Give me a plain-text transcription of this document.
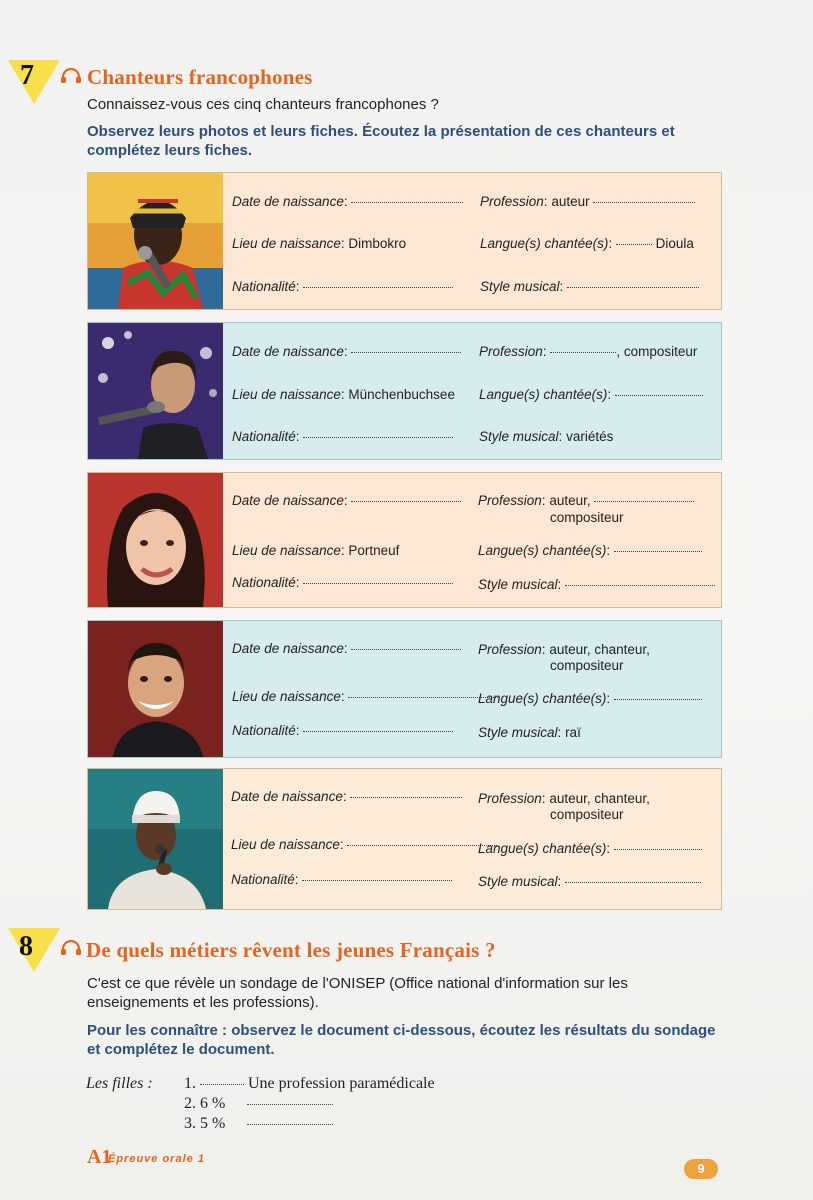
7	Chanteurs francophones
Connaissez-vous ces cinq chanteurs francophones ?
Observez leurs photos et leurs fiches. Écoutez la présentation de ces chanteurs et complétez leurs fiches.
Date de naissance:	Profession: auteur
Lieu de naissance: Dimbokro	Langue(s) chantée(s):	Dioula
Nationalité:	Style musical:
Date de naissance:	Profession:	, compositeur
Lieu de naissance: Münchenbuchsee Langue(s) chantée(s):
Nationalité:	Style musical: variétés
Date de naissance:	Profession: auteur,
compositeur
Lieu de naissance: Portneuf	Langue(s) chantée(s):
Nationalité:	Style musical:
Date de naissance:	Profession: auteur, chanteur,
compositeur
Lieu de naissance:	Langue(s) chantée(s):
Nationalité:	Style musical: raï
Date de naissance:	Profession: auteur, chanteur,
compositeur
Lieu de naissance:	Langue(s) chantée(s):
Nationalité:	Style musical:
8	De quels métiers rêvent les jeunes Français ?
C'est ce que révèle un sondage de l'ONISEP (Office national d'information sur les enseignements et les professions).
Pour les connaître : observez le document ci-dessous, écoutez les résultats du sondage et complétez le document.
Les filles : 1.	Une profession paramédicale
2. 6 %
3. 5 %
A1
Épreuve orale 1
9
